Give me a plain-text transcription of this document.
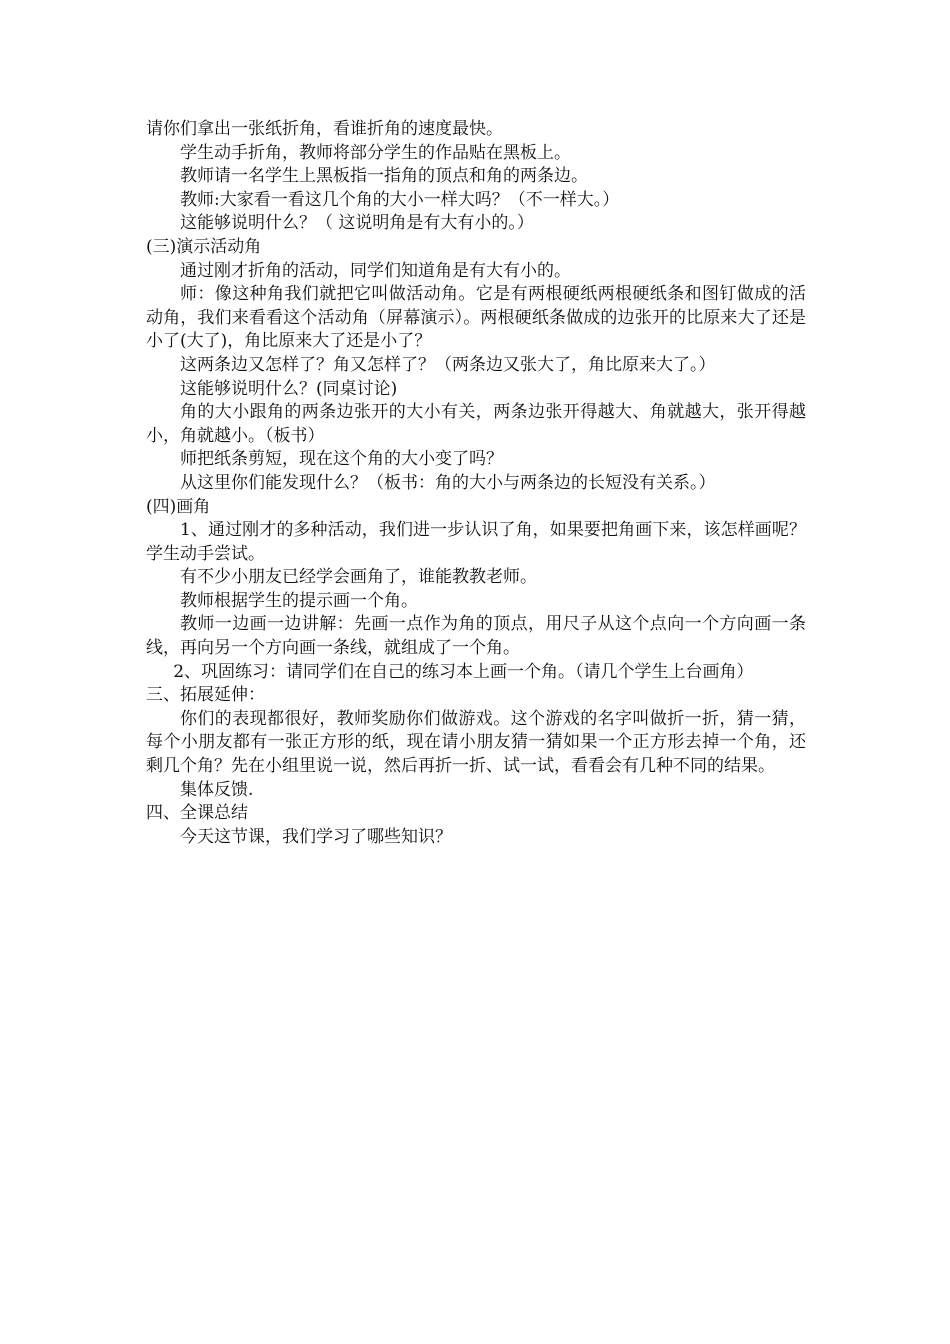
请你们拿出一张纸折角，看谁折角的速度最快。

学生动手折角，教师将部分学生的作品贴在黑板上。

教师请一名学生上黑板指一指角的顶点和角的两条边。

教师:大家看一看这几个角的大小一样大吗？（不一样大。）

这能够说明什么？（ 这说明角是有大有小的。）

(三)演示活动角

通过刚才折角的活动，同学们知道角是有大有小的。

师：像这种角我们就把它叫做活动角。它是有两根硬纸两根硬纸条和图钉做成的活动角，我们来看看这个活动角（屏幕演示）。两根硬纸条做成的边张开的比原来大了还是小了(大了)，角比原来大了还是小了？

这两条边又怎样了？角又怎样了？（两条边又张大了，角比原来大了。）

这能够说明什么？(同桌讨论)

角的大小跟角的两条边张开的大小有关，两条边张开得越大、角就越大，张开得越小，角就越小。（板书）

师把纸条剪短，现在这个角的大小变了吗？

从这里你们能发现什么？（板书：角的大小与两条边的长短没有关系。）

(四)画角

1、通过刚才的多种活动，我们进一步认识了角，如果要把角画下来，该怎样画呢？学生动手尝试。

有不少小朋友已经学会画角了，谁能教教老师。

教师根据学生的提示画一个角。

教师一边画一边讲解：先画一点作为角的顶点，用尺子从这个点向一个方向画一条线，再向另一个方向画一条线，就组成了一个角。

2、巩固练习：请同学们在自己的练习本上画一个角。（请几个学生上台画角）

三、拓展延伸：

你们的表现都很好，教师奖励你们做游戏。这个游戏的名字叫做折一折，猜一猜，每个小朋友都有一张正方形的纸，现在请小朋友猜一猜如果一个正方形去掉一个角，还剩几个角？先在小组里说一说，然后再折一折、试一试，看看会有几种不同的结果。

集体反馈.

四、全课总结

今天这节课，我们学习了哪些知识？
